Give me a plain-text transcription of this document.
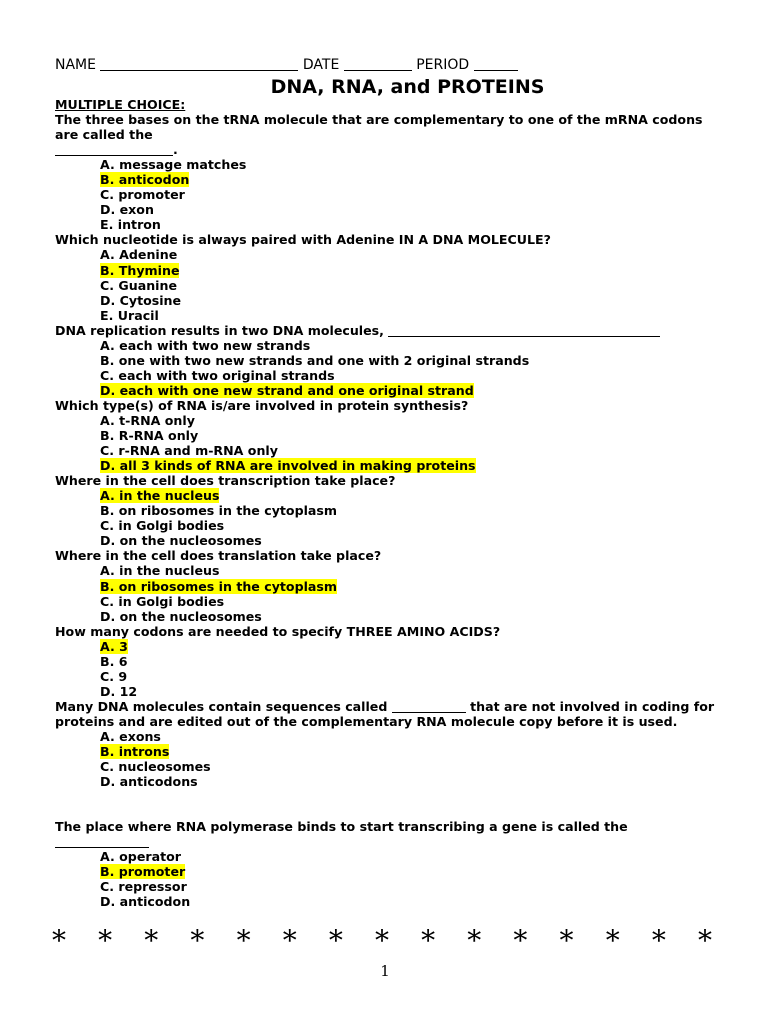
NAME	DATE	PERIOD
DNA, RNA, and PROTEINS
MULTIPLE CHOICE:
The three bases on the tRNA molecule that are complementary to one of the mRNA codons are called the
.
A. message matches
B. anticodon
C. promoter
D. exon
E. intron
Which nucleotide is always paired with Adenine IN A DNA MOLECULE?
A. Adenine
B. Thymine
C. Guanine
D. Cytosine
E. Uracil
DNA replication results in two DNA molecules,
A. each with two new strands
B. one with two new strands and one with 2 original strands
C. each with two original strands
D. each with one new strand and one original strand
Which type(s) of RNA is/are involved in protein synthesis?
A. t-RNA only
B. R-RNA only
C. r-RNA and m-RNA only
D. all 3 kinds of RNA are involved in making proteins
Where in the cell does transcription take place?
A. in the nucleus
B. on ribosomes in the cytoplasm
C. in Golgi bodies
D. on the nucleosomes
Where in the cell does translation take place?
A. in the nucleus
B. on ribosomes in the cytoplasm
C. in Golgi bodies
D. on the nucleosomes
How many codons are needed to specify THREE AMINO ACIDS?
A. 3
B. 6
C. 9
D. 12
Many DNA molecules contain sequences called	that are not involved in coding for proteins and are edited out of the complementary RNA molecule copy before it is used.
A. exons
B. introns
C. nucleosomes
D. anticodons
The place where RNA polymerase binds to start transcribing a gene is called the
A. operator
B. promoter
C. repressor
D. anticodon
* * * * * * * * * * * * * * *
1
